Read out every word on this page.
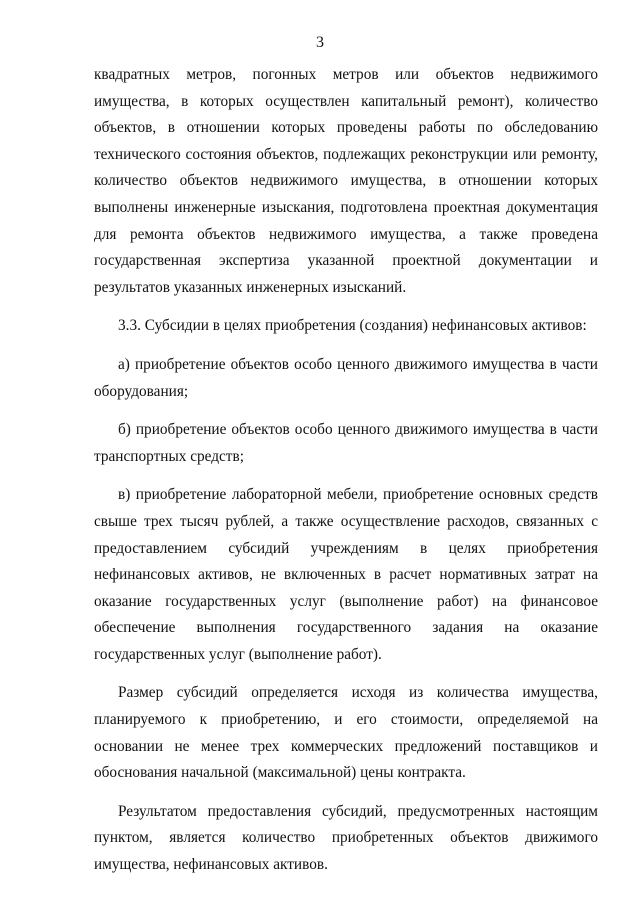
3

квадратных метров, погонных метров или объектов недвижимого имущества, в которых осуществлен капитальный ремонт), количество объектов, в отношении которых проведены работы по обследованию технического состояния объектов, подлежащих реконструкции или ремонту, количество объектов недвижимого имущества, в отношении которых выполнены инженерные изыскания, подготовлена проектная документация для ремонта объектов недвижимого имущества, а также проведена государственная экспертиза указанной проектной документации и результатов указанных инженерных изысканий.

3.3. Субсидии в целях приобретения (создания) нефинансовых активов:

а) приобретение объектов особо ценного движимого имущества в части оборудования;

б) приобретение объектов особо ценного движимого имущества в части транспортных средств;

в) приобретение лабораторной мебели, приобретение основных средств свыше трех тысяч рублей, а также осуществление расходов, связанных с предоставлением субсидий учреждениям в целях приобретения нефинансовых активов, не включенных в расчет нормативных затрат на оказание государственных услуг (выполнение работ) на финансовое обеспечение выполнения государственного задания на оказание государственных услуг (выполнение работ).

Размер субсидий определяется исходя из количества имущества, планируемого к приобретению, и его стоимости, определяемой на основании не менее трех коммерческих предложений поставщиков и обоснования начальной (максимальной) цены контракта.

Результатом предоставления субсидий, предусмотренных настоящим пунктом, является количество приобретенных объектов движимого имущества, нефинансовых активов.
